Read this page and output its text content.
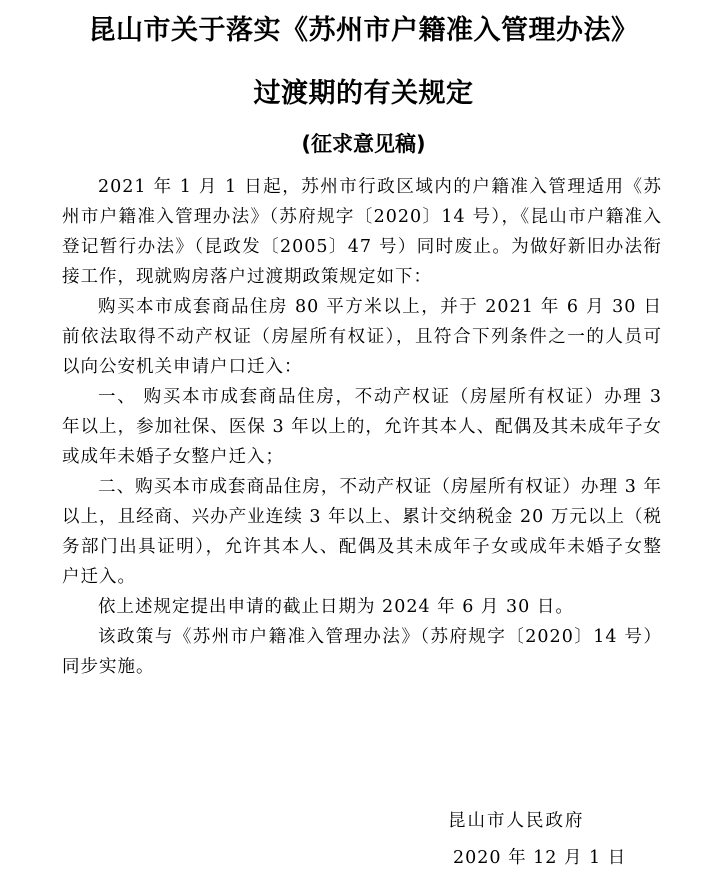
昆山市关于落实《苏州市户籍准入管理办法》
过渡期的有关规定
(征求意见稿)

2021 年 1 月 1 日起，苏州市行政区域内的户籍准入管理适用《苏州市户籍准入管理办法》（苏府规字〔2020〕14 号），《昆山市户籍准入登记暂行办法》（昆政发〔2005〕47 号）同时废止。为做好新旧办法衔接工作，现就购房落户过渡期政策规定如下：

购买本市成套商品住房 80 平方米以上，并于 2021 年 6 月 30 日前依法取得不动产权证（房屋所有权证），且符合下列条件之一的人员可以向公安机关申请户口迁入：

一、 购买本市成套商品住房，不动产权证（房屋所有权证）办理 3 年以上，参加社保、医保 3 年以上的，允许其本人、配偶及其未成年子女或成年未婚子女整户迁入；

二、购买本市成套商品住房，不动产权证（房屋所有权证）办理 3 年以上，且经商、兴办产业连续 3 年以上、累计交纳税金 20 万元以上（税务部门出具证明），允许其本人、配偶及其未成年子女或成年未婚子女整户迁入。

依上述规定提出申请的截止日期为 2024 年 6 月 30 日。

该政策与《苏州市户籍准入管理办法》（苏府规字〔2020〕14 号）同步实施。

昆山市人民政府
2020 年 12 月 1 日
